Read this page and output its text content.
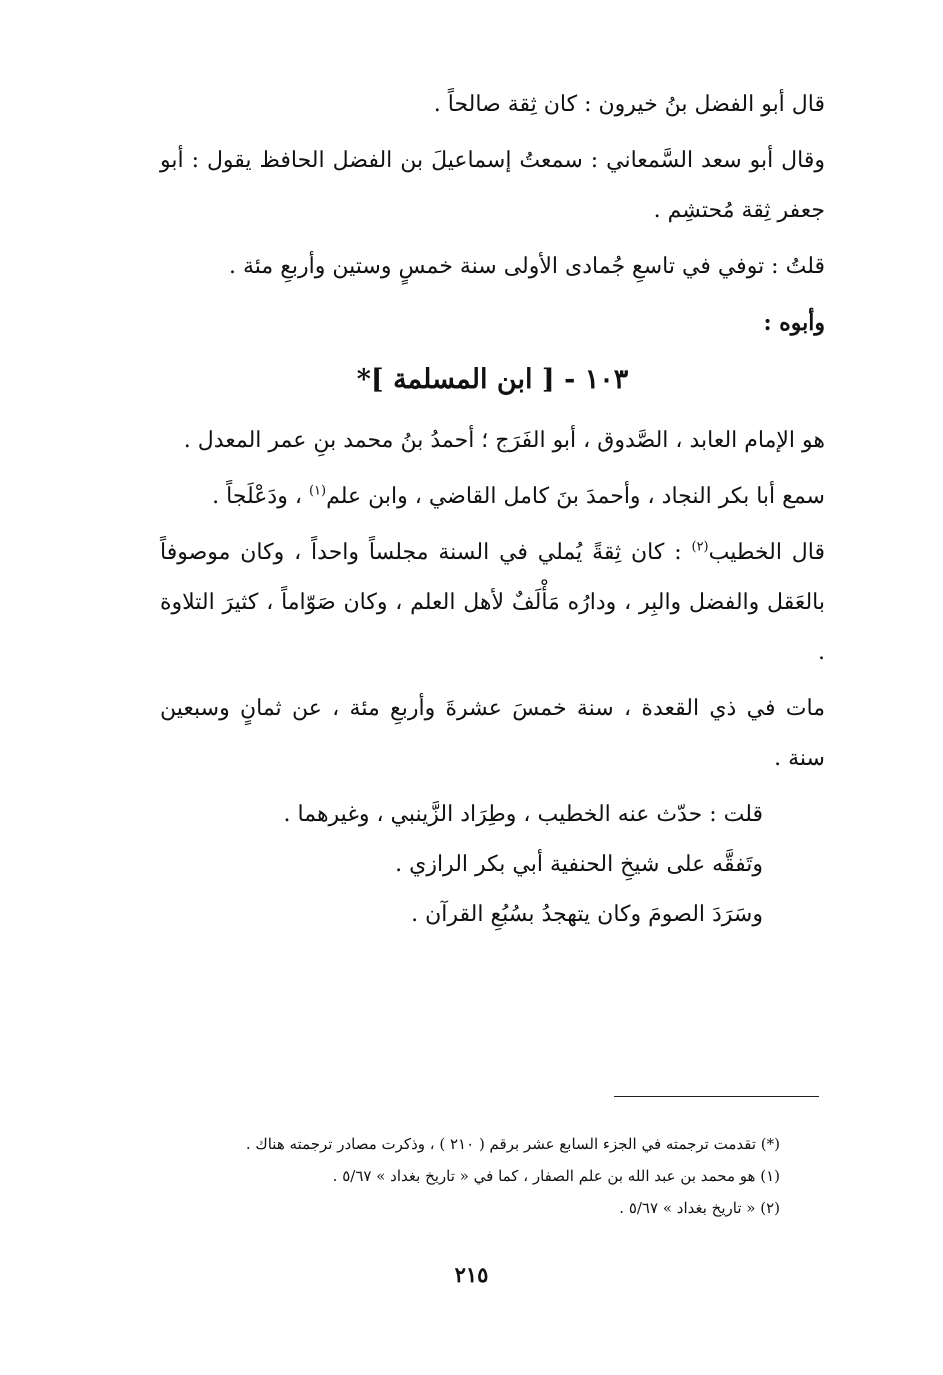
قال أبو الفضل بنُ خيرون : كان ثِقة صالحاً .

وقال أبو سعد السَّمعاني : سمعتُ إسماعيلَ بن الفضل الحافظ يقول : أبو جعفر ثِقة مُحتشِم .

قلتُ : توفي في تاسعِ جُمادى الأولى سنة خمسٍ وستين وأربعِ مئة .

وأبوه :

١٠٣ - [ ابن المسلمة ]*

هو الإمام العابد ، الصَّدوق ، أبو الفَرَج ؛ أحمدُ بنُ محمد بنِ عمر المعدل .

سمع أبا بكر النجاد ، وأحمدَ بنَ كامل القاضي ، وابن علم$^{(١)}$ ، ودَعْلَجاً .

قال الخطيب$^{(٢)}$ : كان ثِقةً يُملي في السنة مجلساً واحداً ، وكان موصوفاً بالعَقل والفضل والبِر ، ودارُه مَأْلَفٌ لأهل العلم ، وكان صَوّاماً ، كثيرَ التلاوة .

مات في ذي القعدة ، سنة خمسَ عشرةَ وأربعِ مئة ، عن ثمانٍ وسبعين سنة .

قلت : حدّث عنه الخطيب ، وطِرَاد الزَّينبي ، وغيرهما .

وتَفقَّه على شيخِ الحنفية أبي بكر الرازي .

وسَرَدَ الصومَ وكان يتهجدُ بسُبُعِ القرآن .

(*) تقدمت ترجمته في الجزء السابع عشر برقم ( ٢١٠ ) ، وذكرت مصادر ترجمته هناك .

(١) هو محمد بن عبد الله بن علم الصفار ، كما في « تاريخ بغداد » ٥/٦٧ .

(٢) « تاريخ بغداد » ٥/٦٧ .

٢١٥
